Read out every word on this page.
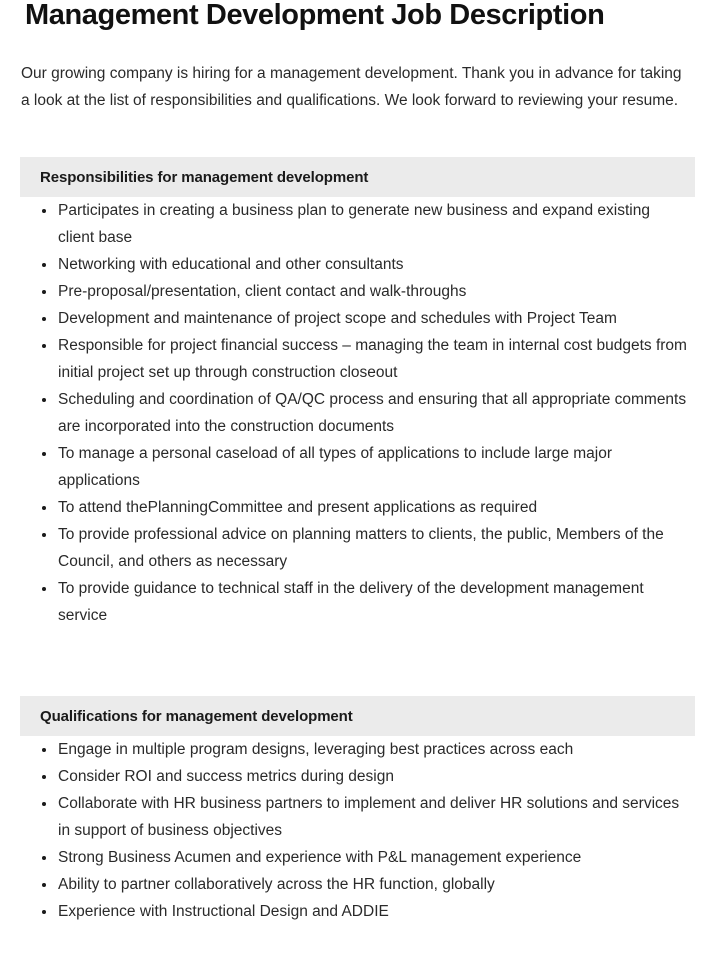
Management Development Job Description

Our growing company is hiring for a management development. Thank you in advance for taking a look at the list of responsibilities and qualifications. We look forward to reviewing your resume.

Responsibilities for management development
Participates in creating a business plan to generate new business and expand existing client base
Networking with educational and other consultants
Pre-proposal/presentation, client contact and walk-throughs
Development and maintenance of project scope and schedules with Project Team
Responsible for project financial success – managing the team in internal cost budgets from initial project set up through construction closeout
Scheduling and coordination of QA/QC process and ensuring that all appropriate comments are incorporated into the construction documents
To manage a personal caseload of all types of applications to include large major applications
To attend thePlanningCommittee and present applications as required
To provide professional advice on planning matters to clients, the public, Members of the Council, and others as necessary
To provide guidance to technical staff in the delivery of the development management service
Qualifications for management development
Engage in multiple program designs, leveraging best practices across each
Consider ROI and success metrics during design
Collaborate with HR business partners to implement and deliver HR solutions and services in support of business objectives
Strong Business Acumen and experience with P&L management experience
Ability to partner collaboratively across the HR function, globally
Experience with Instructional Design and ADDIE
